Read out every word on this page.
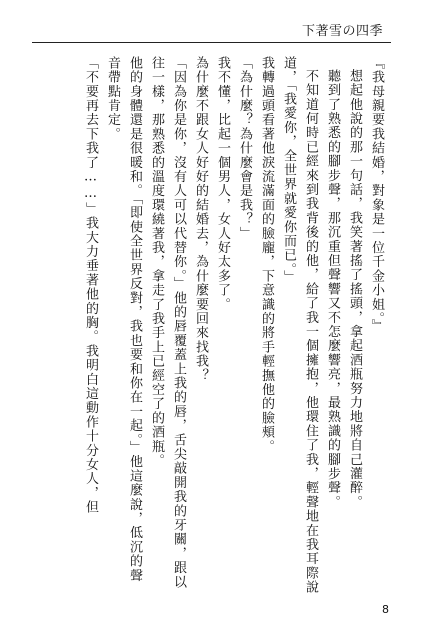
下著雪の四季

『我母親要我結婚，對象是一位千金小姐。』

想起他說的那一句話，我笑著搖了搖頭，拿起酒瓶努力地將自己灌醉。

聽到了熟悉的腳步聲，那沉重但聲響又不怎麼響亮，最熟識的腳步聲。

不知道何時已經來到我背後的他，給了我一個擁抱，他環住了我，輕聲地在我耳際說道，「我愛你，全世界就愛你而已。」

我轉過頭看著他淚流滿面的臉龐，下意識的將手輕撫他的臉頰。

「為什麼？為什麼會是我？」

我不懂，比起一個男人，女人好太多了。

為什麼不跟女人好好的結婚去，為什麼要回來找我？

「因為你是你，沒有人可以代替你。」他的唇覆蓋上我的唇，舌尖敲開我的牙關，跟以往一樣，那熟悉的溫度環繞著我，拿走了我手上已經空了的酒瓶。

他的身體還是很暖和。「即使全世界反對，我也要和你在一起。」他這麼說，低沉的聲音帶點肯定。

「不要再去下我了……」我大力垂著他的胸。我明白這動作十分女人，但

8
